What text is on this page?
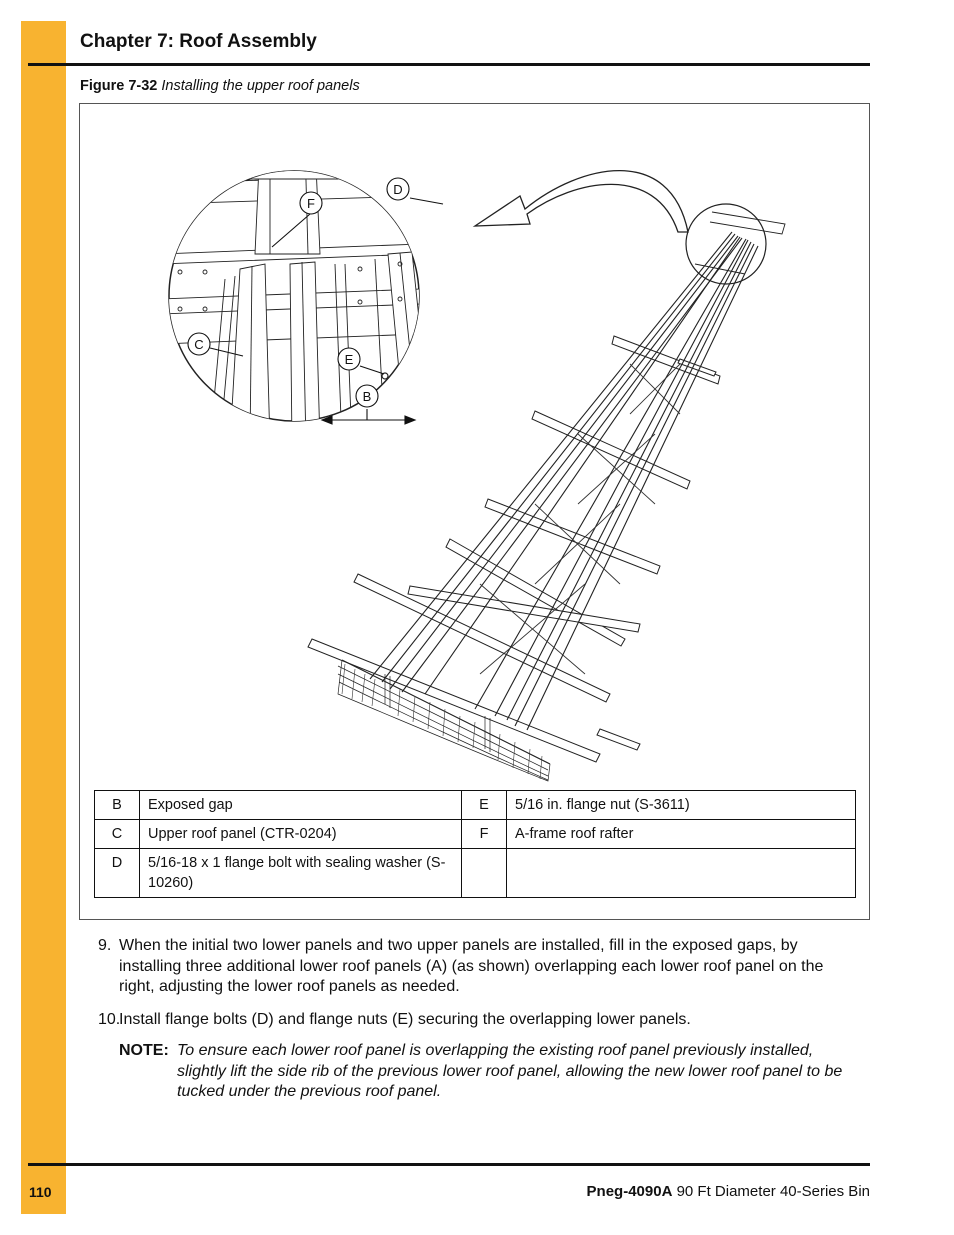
Chapter 7: Roof Assembly
Figure 7-32 Installing the upper roof panels
F
D
C
E
B
B	Exposed gap	E	5/16 in. flange nut (S-3611)
C	Upper roof panel (CTR-0204)	F	A-frame roof rafter
D	5/16-18 x 1 flange bolt with sealing washer (S-10260)		
9. When the initial two lower panels and two upper panels are installed, fill in the exposed gaps, by installing three additional lower roof panels (A) (as shown) overlapping each lower roof panel on the right, adjusting the lower roof panels as needed.
10.
Install flange bolts (D) and flange nuts (E) securing the overlapping lower panels.
NOTE: To ensure each lower roof panel is overlapping the existing roof panel previously installed, slightly lift the side rib of the previous lower roof panel, allowing the new lower roof panel to be tucked under the previous roof panel.
110	Pneg-4090A 90 Ft Diameter 40-Series Bin
